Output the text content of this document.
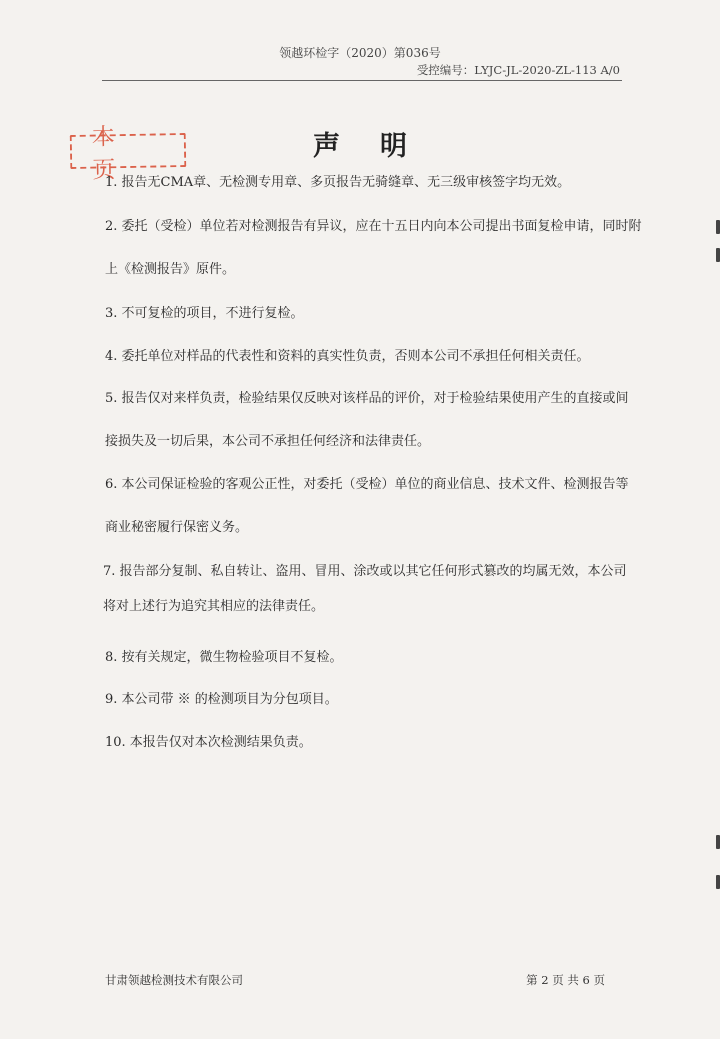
领越环检字（2020）第036号
受控编号：LYJC-JL-2020-ZL-113 A/0
本页
声明
1. 报告无CMA章、无检测专用章、多页报告无骑缝章、无三级审核签字均无效。
2. 委托（受检）单位若对检测报告有异议，应在十五日内向本公司提出书面复检申请，同时附
上《检测报告》原件。
3. 不可复检的项目，不进行复检。
4. 委托单位对样品的代表性和资料的真实性负责，否则本公司不承担任何相关责任。
5. 报告仅对来样负责，检验结果仅反映对该样品的评价，对于检验结果使用产生的直接或间
接损失及一切后果，本公司不承担任何经济和法律责任。
6. 本公司保证检验的客观公正性，对委托（受检）单位的商业信息、技术文件、检测报告等
商业秘密履行保密义务。
7. 报告部分复制、私自转让、盗用、冒用、涂改或以其它任何形式篡改的均属无效，本公司
将对上述行为追究其相应的法律责任。
8. 按有关规定，微生物检验项目不复检。
9. 本公司带 ※ 的检测项目为分包项目。
10. 本报告仅对本次检测结果负责。
甘肃领越检测技术有限公司	第 2 页 共 6 页
